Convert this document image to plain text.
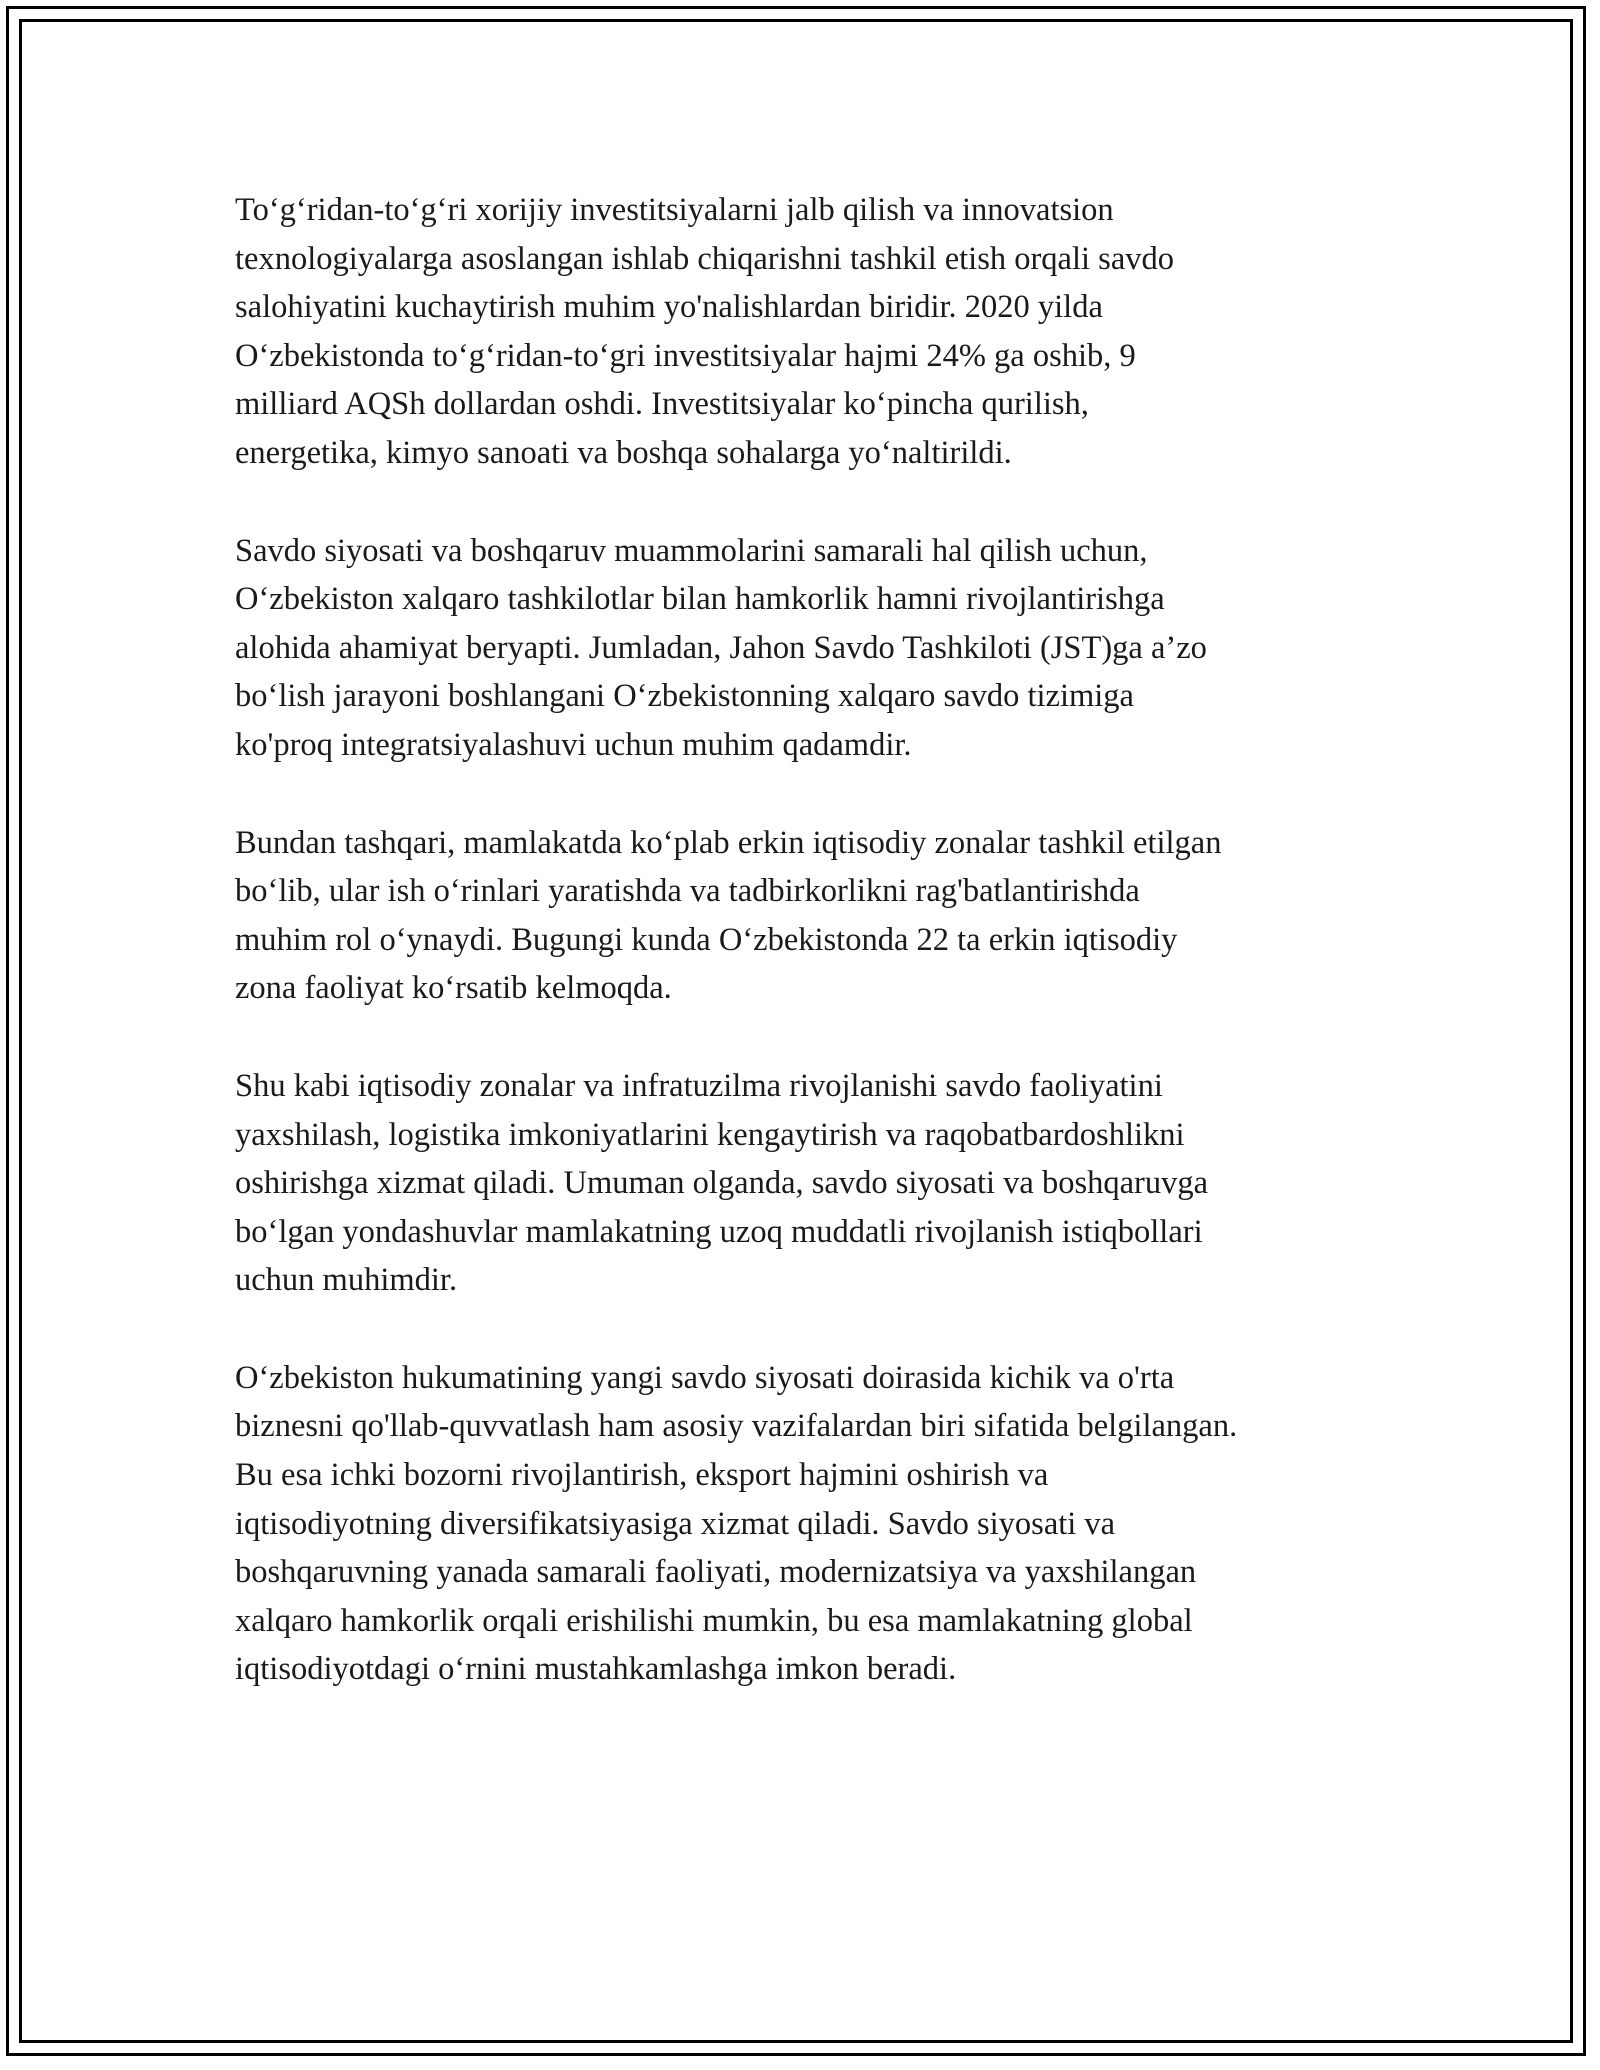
To‘g‘ridan-to‘g‘ri xorijiy investitsiyalarni jalb qilish va innovatsion
texnologiyalarga asoslangan ishlab chiqarishni tashkil etish orqali savdo
salohiyatini kuchaytirish muhim yo'nalishlardan biridir. 2020 yilda
O‘zbekistonda to‘g‘ridan-to‘gri investitsiyalar hajmi 24% ga oshib, 9
milliard AQSh dollardan oshdi. Investitsiyalar ko‘pincha qurilish,
energetika, kimyo sanoati va boshqa sohalarga yo‘naltirildi.

Savdo siyosati va boshqaruv muammolarini samarali hal qilish uchun,
O‘zbekiston xalqaro tashkilotlar bilan hamkorlik hamni rivojlantirishga
alohida ahamiyat beryapti. Jumladan, Jahon Savdo Tashkiloti (JST)ga a’zo
bo‘lish jarayoni boshlangani O‘zbekistonning xalqaro savdo tizimiga
ko'proq integratsiyalashuvi uchun muhim qadamdir.

Bundan tashqari, mamlakatda ko‘plab erkin iqtisodiy zonalar tashkil etilgan
bo‘lib, ular ish o‘rinlari yaratishda va tadbirkorlikni rag'batlantirishda
muhim rol o‘ynaydi. Bugungi kunda O‘zbekistonda 22 ta erkin iqtisodiy
zona faoliyat ko‘rsatib kelmoqda.

Shu kabi iqtisodiy zonalar va infratuzilma rivojlanishi savdo faoliyatini
yaxshilash, logistika imkoniyatlarini kengaytirish va raqobatbardoshlikni
oshirishga xizmat qiladi. Umuman olganda, savdo siyosati va boshqaruvga
bo‘lgan yondashuvlar mamlakatning uzoq muddatli rivojlanish istiqbollari
uchun muhimdir.

O‘zbekiston hukumatining yangi savdo siyosati doirasida kichik va o'rta
biznesni qo'llab-quvvatlash ham asosiy vazifalardan biri sifatida belgilangan.
Bu esa ichki bozorni rivojlantirish, eksport hajmini oshirish va
iqtisodiyotning diversifikatsiyasiga xizmat qiladi. Savdo siyosati va
boshqaruvning yanada samarali faoliyati, modernizatsiya va yaxshilangan
xalqaro hamkorlik orqali erishilishi mumkin, bu esa mamlakatning global
iqtisodiyotdagi o‘rnini mustahkamlashga imkon beradi.
